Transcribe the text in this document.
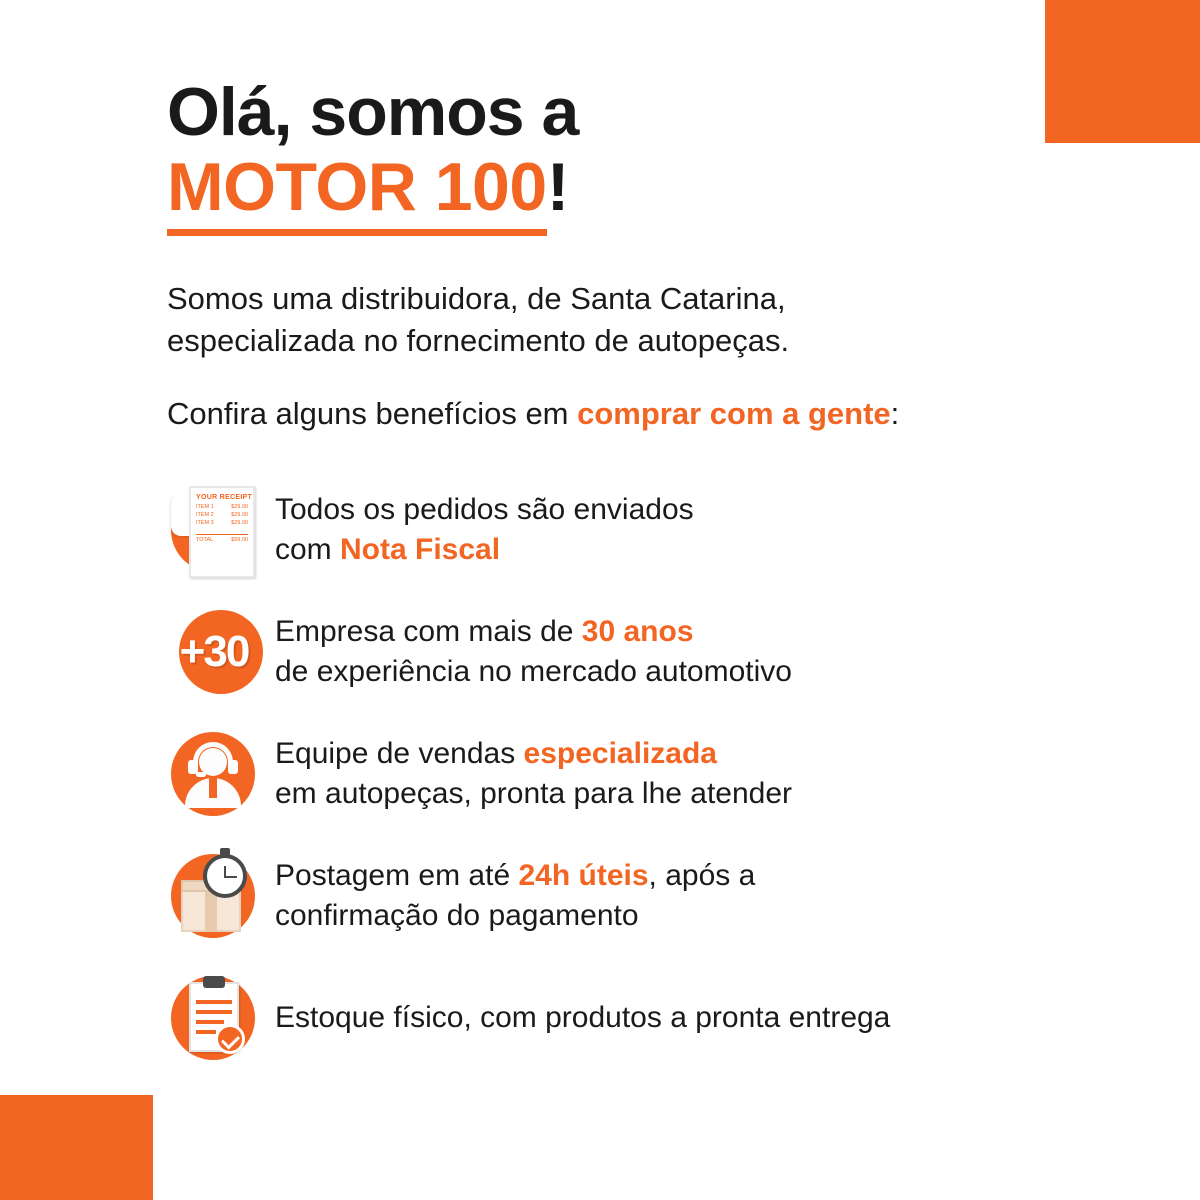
Olá, somos a
MOTOR 100!

Somos uma distribuidora, de Santa Catarina,

especializada no fornecimento de autopeças.

Confira alguns benefícios em comprar com a gente:
YOUR RECEIPT
ITEM 1	$29.00
ITEM 2	$29.00
ITEM 3	$29.00
TOTAL	$59.00
Todos os pedidos são enviados
com Nota Fiscal
+30 Empresa com mais de 30 anos
de experiência no mercado automotivo
Equipe de vendas especializada
em autopeças, pronta para lhe atender
Postagem em até 24h úteis, após a
confirmação do pagamento
Estoque físico, com produtos a pronta entrega
